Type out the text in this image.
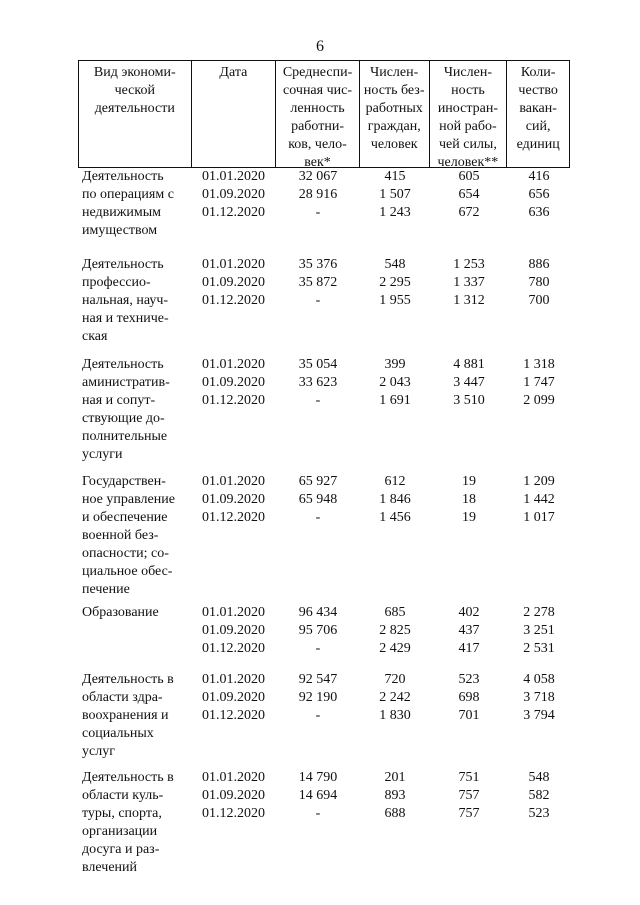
6
Вид экономи-
ческой
деятельности
Дата	Среднеспи-
сочная чис-
ленность
работни-
ков, чело-
век*
Числен-
ность без-
работных
граждан,
человек
Числен-
ность
иностран-
ной рабо-
чей силы,
человек**
Коли-
чество
вакан-
сий,
единиц
Деятельность
по операциям с
недвижимым
имуществом
01.01.2020
01.09.2020
01.12.2020
32 067
28 916
-
415
1 507
1 243
605
654
672
416
656
636
Деятельность
профессио-
нальная, науч-
ная и техниче-
ская
01.01.2020
01.09.2020
01.12.2020
35 376
35 872
-
548
2 295
1 955
1 253
1 337
1 312
886
780
700
Деятельность
аминистратив-
ная и сопут-
ствующие до-
полнительные
услуги
01.01.2020
01.09.2020
01.12.2020
35 054
33 623
-
399
2 043
1 691
4 881
3 447
3 510
1 318
1 747
2 099
Государствен-
ное управление
и обеспечение
военной без-
опасности; со-
циальное обес-
печение
01.01.2020
01.09.2020
01.12.2020
65 927
65 948
-
612
1 846
1 456
19
18
19
1 209
1 442
1 017
Образование	01.01.2020
01.09.2020
01.12.2020
96 434
95 706
-
685
2 825
2 429
402
437
417
2 278
3 251
2 531
Деятельность в
области здра-
воохранения и
социальных
услуг
01.01.2020
01.09.2020
01.12.2020
92 547
92 190
-
720
2 242
1 830
523
698
701
4 058
3 718
3 794
Деятельность в
области куль-
туры, спорта,
организации
досуга и раз-
влечений
01.01.2020
01.09.2020
01.12.2020
14 790
14 694
-
201
893
688
751
757
757
548
582
523
